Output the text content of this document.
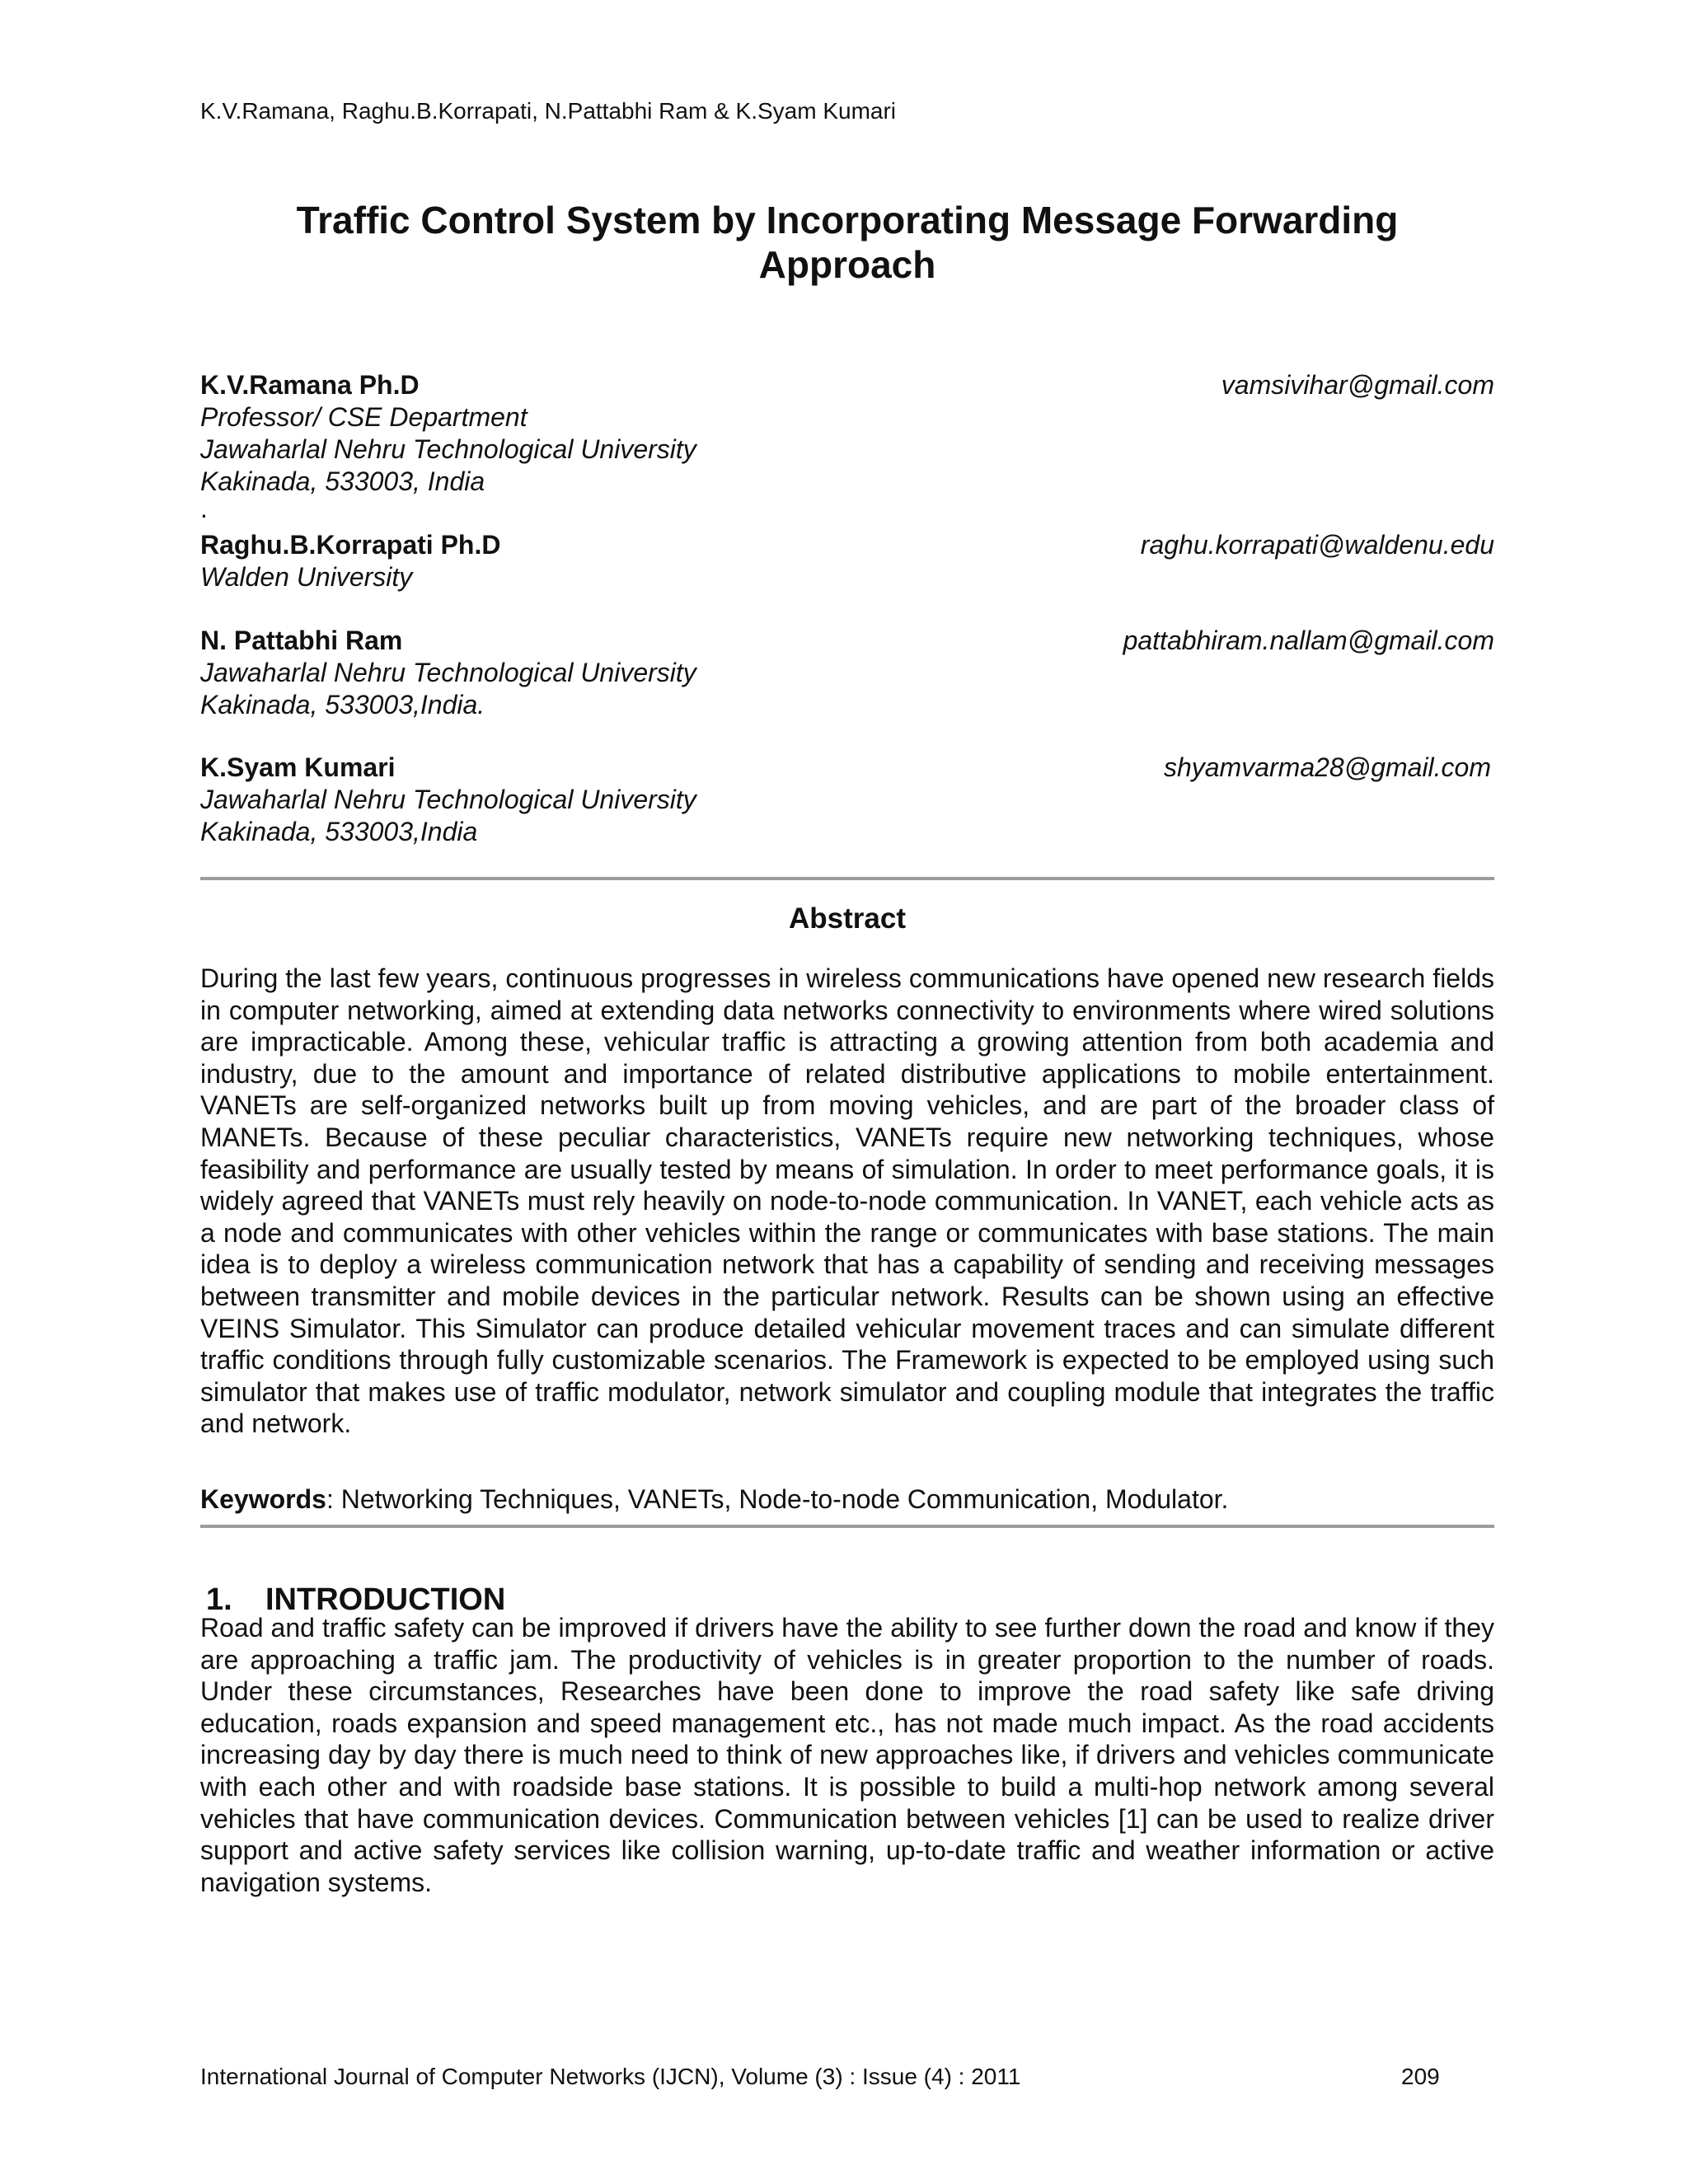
K.V.Ramana, Raghu.B.Korrapati, N.Pattabhi Ram & K.Syam Kumari
Traffic Control System by Incorporating Message Forwarding
Approach
K.V.Ramana Ph.D	vamsivihar@gmail.com
Professor/ CSE Department
Jawaharlal Nehru Technological University
Kakinada, 533003, India
.
Raghu.B.Korrapati Ph.D	raghu.korrapati@waldenu.edu
Walden University
N. Pattabhi Ram	pattabhiram.nallam@gmail.com
Jawaharlal Nehru Technological University
Kakinada, 533003,India.
K.Syam Kumari	shyamvarma28@gmail.com
Jawaharlal Nehru Technological University
Kakinada, 533003,India
Abstract
During the last few years, continuous progresses in wireless communications have opened new research fields in computer networking, aimed at extending data networks connectivity to environments where wired solutions are impracticable. Among these, vehicular traffic is attracting a growing attention from both academia and industry, due to the amount and importance of related distributive applications to mobile entertainment. VANETs are self-organized networks built up from moving vehicles, and are part of the broader class of MANETs. Because of these peculiar characteristics, VANETs require new networking techniques, whose feasibility and performance are usually tested by means of simulation. In order to meet performance goals, it is widely agreed that VANETs must rely heavily on node-to-node communication. In VANET, each vehicle acts as a node and communicates with other vehicles within the range or communicates with base stations. The main idea is to deploy a wireless communication network that has a capability of sending and receiving messages between transmitter and mobile devices in the particular network. Results can be shown using an effective VEINS Simulator. This Simulator can produce detailed vehicular movement traces and can simulate different traffic conditions through fully customizable scenarios. The Framework is expected to be employed using such simulator that makes use of traffic modulator, network simulator and coupling module that integrates the traffic and network.
Keywords: Networking Techniques, VANETs, Node-to-node Communication, Modulator.
1. INTRODUCTION
Road and traffic safety can be improved if drivers have the ability to see further down the road and know if they are approaching a traffic jam. The productivity of vehicles is in greater proportion to the number of roads. Under these circumstances, Researches have been done to improve the road safety like safe driving education, roads expansion and speed management etc., has not made much impact. As the road accidents increasing day by day there is much need to think of new approaches like, if drivers and vehicles communicate with each other and with roadside base stations. It is possible to build a multi-hop network among several vehicles that have communication devices. Communication between vehicles [1] can be used to realize driver support and active safety services like collision warning, up-to-date traffic and weather information or active navigation systems.
International Journal of Computer Networks (IJCN), Volume (3) : Issue (4) : 2011	209
